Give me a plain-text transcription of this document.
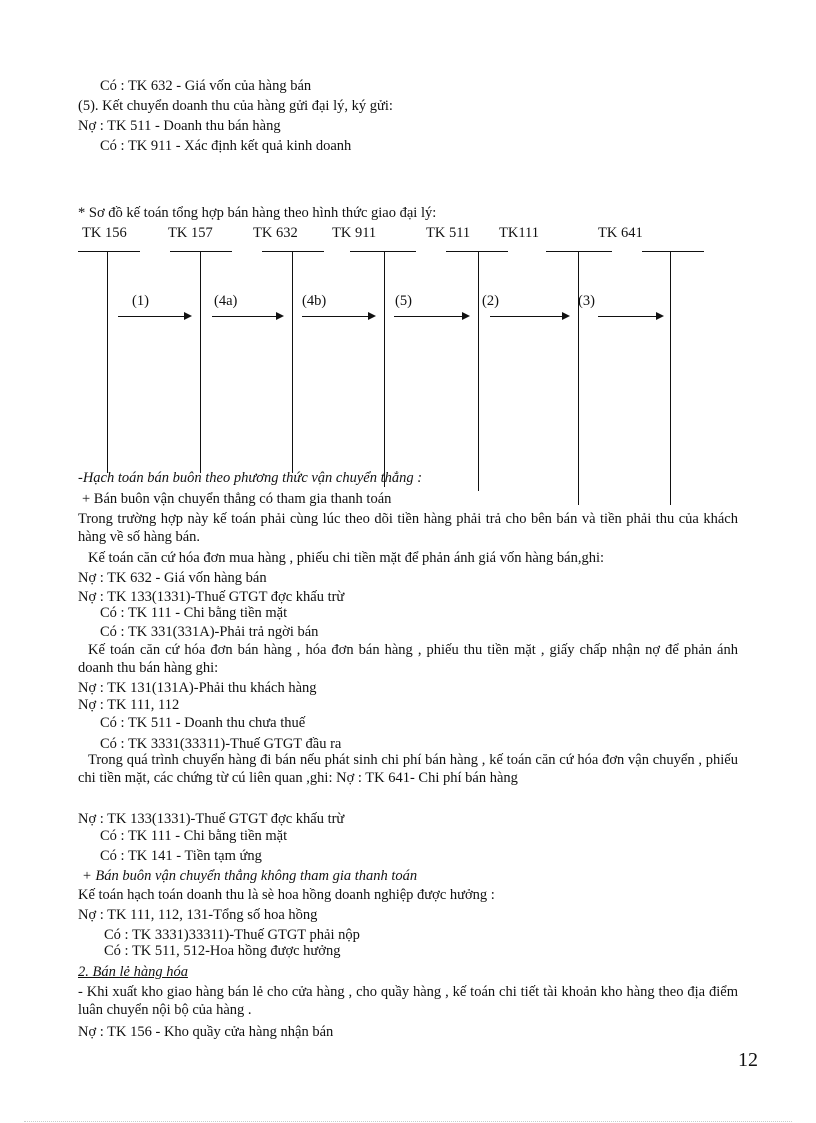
Có : TK 632 - Giá vốn của hàng bán
(5). Kết chuyển doanh thu của hàng gửi đại lý, ký gửi:
Nợ : TK 511 - Doanh thu bán hàng
Có : TK 911 - Xác định kết quả kinh doanh
* Sơ đồ kế toán tổng hợp bán hàng theo hình thức giao đại lý:
TK 156	TK 157	TK 632 TK 911	TK 511 TK111	TK 641
(1)	(4a)	(4b)	(5)	(2)	(3)
-Hạch toán bán buôn theo phương thức vận chuyển thẳng :
+ Bán buôn vận chuyển thẳng có tham gia thanh toán
Trong trường hợp này kế toán phải cùng lúc theo dõi tiền hàng phải trả cho bên bán và tiền phải thu của khách hàng về số hàng bán.
Kế toán căn cứ hóa đơn mua hàng , phiếu chi tiền mặt để phản ánh giá vốn hàng bán,ghi:
Nợ : TK 632 - Giá vốn hàng bán
Nợ : TK 133(1331)-Thuế GTGT đợc khấu trừ
Có : TK 111 - Chi bằng tiền mặt
Có : TK 331(331A)-Phải trả ngời bán
Kế toán căn cứ hóa đơn bán hàng , hóa đơn bán hàng , phiếu thu tiền mặt , giấy chấp nhận nợ để phản ánh doanh thu bán hàng ghi:
Nợ : TK 131(131A)-Phải thu khách hàng
Nợ : TK 111, 112
Có : TK 511 - Doanh thu chưa thuế
Có : TK 3331(33311)-Thuế GTGT đầu ra
Trong quá trình chuyển hàng đi bán nếu phát sinh chi phí bán hàng , kế toán căn cứ hóa đơn vận chuyển , phiếu chi tiền mặt, các chứng từ cú liên quan ,ghi: Nợ : TK 641- Chi phí bán hàng
Nợ : TK 133(1331)-Thuế GTGT đợc khấu trừ
Có : TK 111 - Chi bằng tiền mặt
Có : TK 141 - Tiền tạm ứng
+ Bán buôn vận chuyển thẳng không tham gia thanh toán
Kế toán hạch toán doanh thu là sè hoa hồng doanh nghiệp được hưởng :
Nợ : TK 111, 112, 131-Tổng số hoa hồng
Có : TK 3331)33311)-Thuế GTGT phải nộp
Có : TK 511, 512-Hoa hồng được hưởng
2. Bán lẻ hàng hóa
- Khi xuất kho giao hàng bán lẻ cho cửa hàng , cho quầy hàng , kế toán chi tiết tài khoản kho hàng theo địa điểm luân chuyển nội bộ của hàng .
Nợ : TK 156 - Kho quầy cửa hàng nhận bán
12
